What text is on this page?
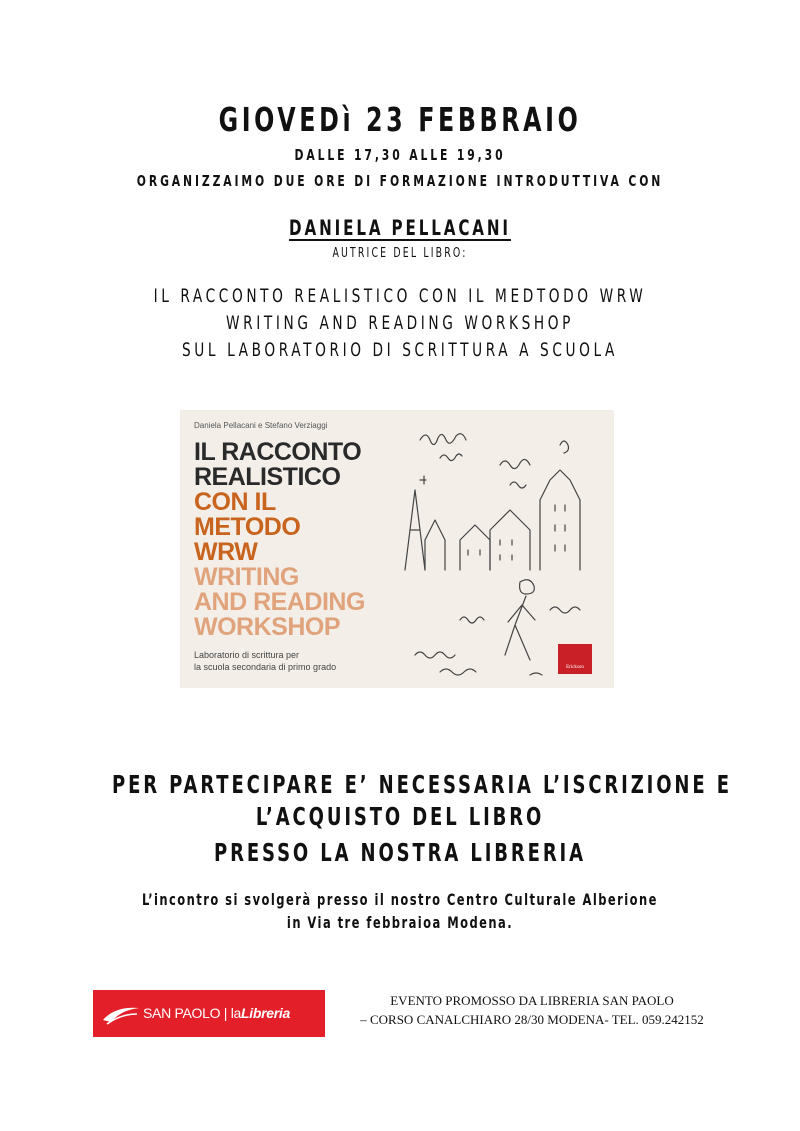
GIOVEDì 23 FEBBRAIO
DALLE 17,30 ALLE 19,30
ORGANIZZAIMO DUE ORE DI FORMAZIONE INTRODUTTIVA CON
DANIELA PELLACANI
AUTRICE DEL LIBRO:
IL RACCONTO REALISTICO CON IL MEDTODO WRW
WRITING AND READING WORKSHOP
SUL LABORATORIO DI SCRITTURA A SCUOLA
Daniela Pellacani e Stefano Verziaggi
IL RACCONTO
REALISTICO
CON IL
METODO
WRW
WRITING
AND READING
WORKSHOP
Laboratorio di scrittura per
la scuola secondaria di primo grado	Erickson
PER PARTECIPARE E’ NECESSARIA L’ISCRIZIONE E
L’ACQUISTO DEL LIBRO
PRESSO LA NOSTRA LIBRERIA
L’incontro si svolgerà presso il nostro Centro Culturale Alberione
in Via tre febbraioa Modena.
SAN PAOLO | laLibreria
EVENTO PROMOSSO DA LIBRERIA SAN PAOLO
– CORSO CANALCHIARO 28/30 MODENA- TEL. 059.242152
